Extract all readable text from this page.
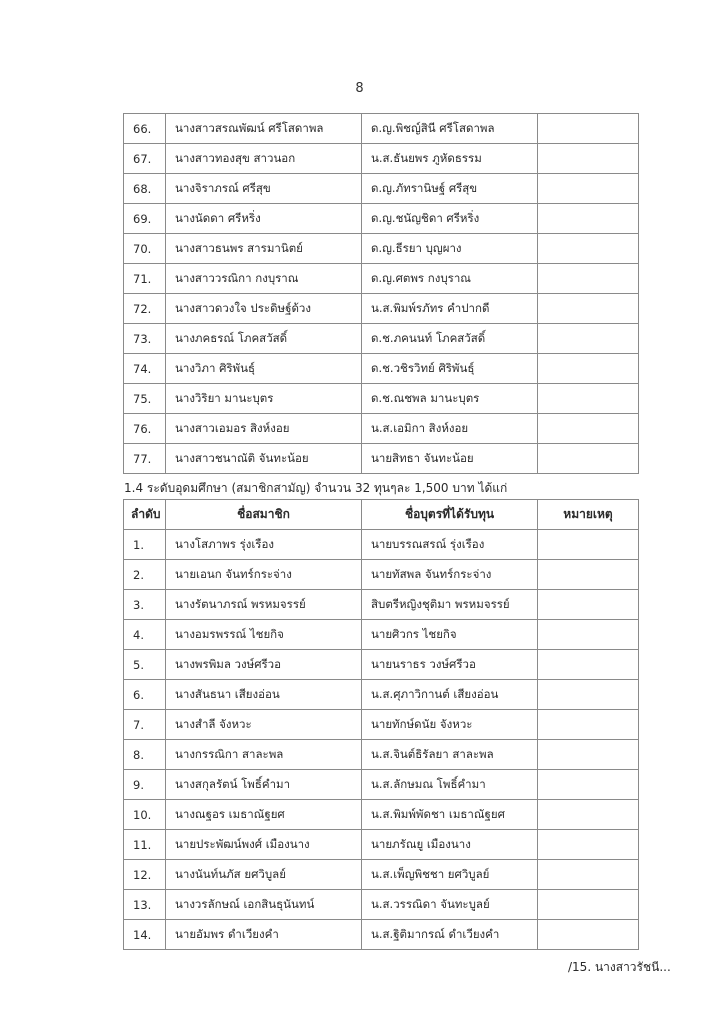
8
66.	นางสาวสรณพัฒน์ ศรีโสดาพล	ด.ญ.พิชญ์สินี ศรีโสดาพล	
67.	นางสาวทองสุข สาวนอก	น.ส.ธันยพร ภูหัดธรรม	
68.	นางจิราภรณ์ ศรีสุข	ด.ญ.ภัทรานิษฐ์ ศรีสุข	
69.	นางนัดดา ศรีหริ่ง	ด.ญ.ชนัญชิดา ศรีหริ่ง	
70.	นางสาวธนพร สารมานิตย์	ด.ญ.ธีรยา บุญผาง	
71.	นางสาววรณิกา กงบุราณ	ด.ญ.ศตพร กงบุราณ	
72.	นางสาวดวงใจ ประดิษฐ์ด้วง	น.ส.พิมพ์รภัทร คำปากดี	
73.	นางภคธรณ์ โภคสวัสดิ์	ด.ช.ภคนนท์ โภคสวัสดิ์	
74.	นางวิภา ศิริพันธุ์	ด.ช.วชิรวิทย์ ศิริพันธุ์	
75.	นางวิริยา มานะบุตร	ด.ช.ณชพล มานะบุตร	
76.	นางสาวเอมอร สิงห์งอย	น.ส.เอมิกา สิงห์งอย	
77.	นางสาวชนาณัติ จันทะน้อย	นายสิทธา จันทะน้อย	
1.4 ระดับอุดมศึกษา (สมาชิกสามัญ) จำนวน 32 ทุนๆละ 1,500 บาท ได้แก่
ลำดับ	ชื่อสมาชิก	ชื่อบุตรที่ได้รับทุน	หมายเหตุ
1.	นางโสภาพร รุ่งเรือง	นายบรรณสรณ์ รุ่งเรือง	
2.	นายเอนก จันทร์กระจ่าง	นายทัสพล จันทร์กระจ่าง	
3.	นางรัตนาภรณ์ พรหมจรรย์	สิบตรีหญิงชุติมา พรหมจรรย์	
4.	นางอมรพรรณ์ ไชยกิจ	นายศิวกร ไชยกิจ	
5.	นางพรพิมล วงษ์ศรีวอ	นายนราธร วงษ์ศรีวอ	
6.	นางสันธนา เสียงอ่อน	น.ส.ศุภาวิกานต์ เสียงอ่อน	
7.	นางสำลี จังหวะ	นายทักษ์ดนัย จังหวะ	
8.	นางกรรณิกา สาละพล	น.ส.จินต์ธิรัลยา สาละพล	
9.	นางสกุลรัตน์ โพธิ์คำมา	น.ส.ลักษมณ โพธิ์คำมา	
10.	นางณฐอร เมธาณัฐยศ	น.ส.พิมพ์พัดชา เมธาณัฐยศ	
11.	นายประพัฒน์พงศ์ เมืองนาง	นายภรัณยู เมืองนาง	
12.	นางนันท์นภัส ยศวิบูลย์	น.ส.เพ็ญพิชชา ยศวิบูลย์	
13.	นางวรลักษณ์ เอกสินธุนันทน์	น.ส.วรรณิดา จันทะบูลย์	
14.	นายอัมพร ดำเวียงคำ	น.ส.ฐิติมากรณ์ ดำเวียงคำ	
/15. นางสาวรัชนี...
